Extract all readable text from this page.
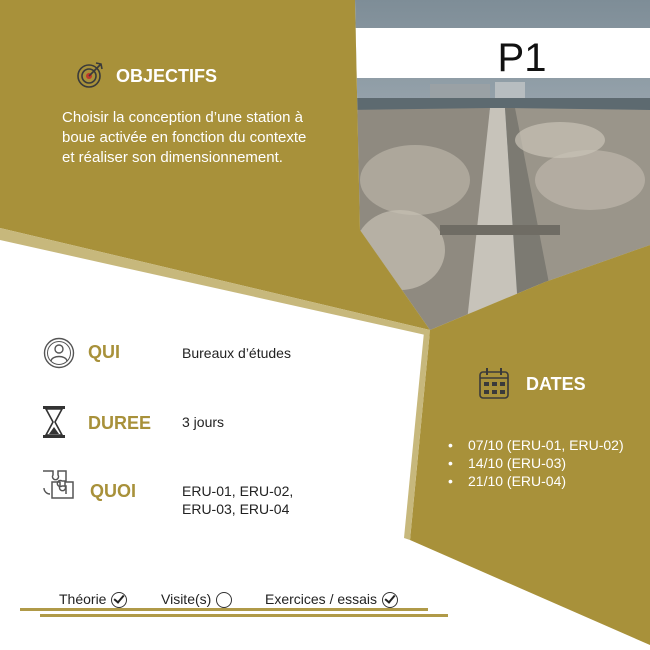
P1
OBJECTIFS
Choisir la conception d’une station à
boue activée en fonction du contexte
et réaliser son dimensionnement.
QUI	Bureaux d’études
DUREE 3 jours
QUOI	ERU-01, ERU-02,
ERU-03, ERU-04
DATES
• 07/10 (ERU-01, ERU-02)
• 14/10 (ERU-03)
• 21/10 (ERU-04)
Théorie	Visite(s)	Exercices / essais
